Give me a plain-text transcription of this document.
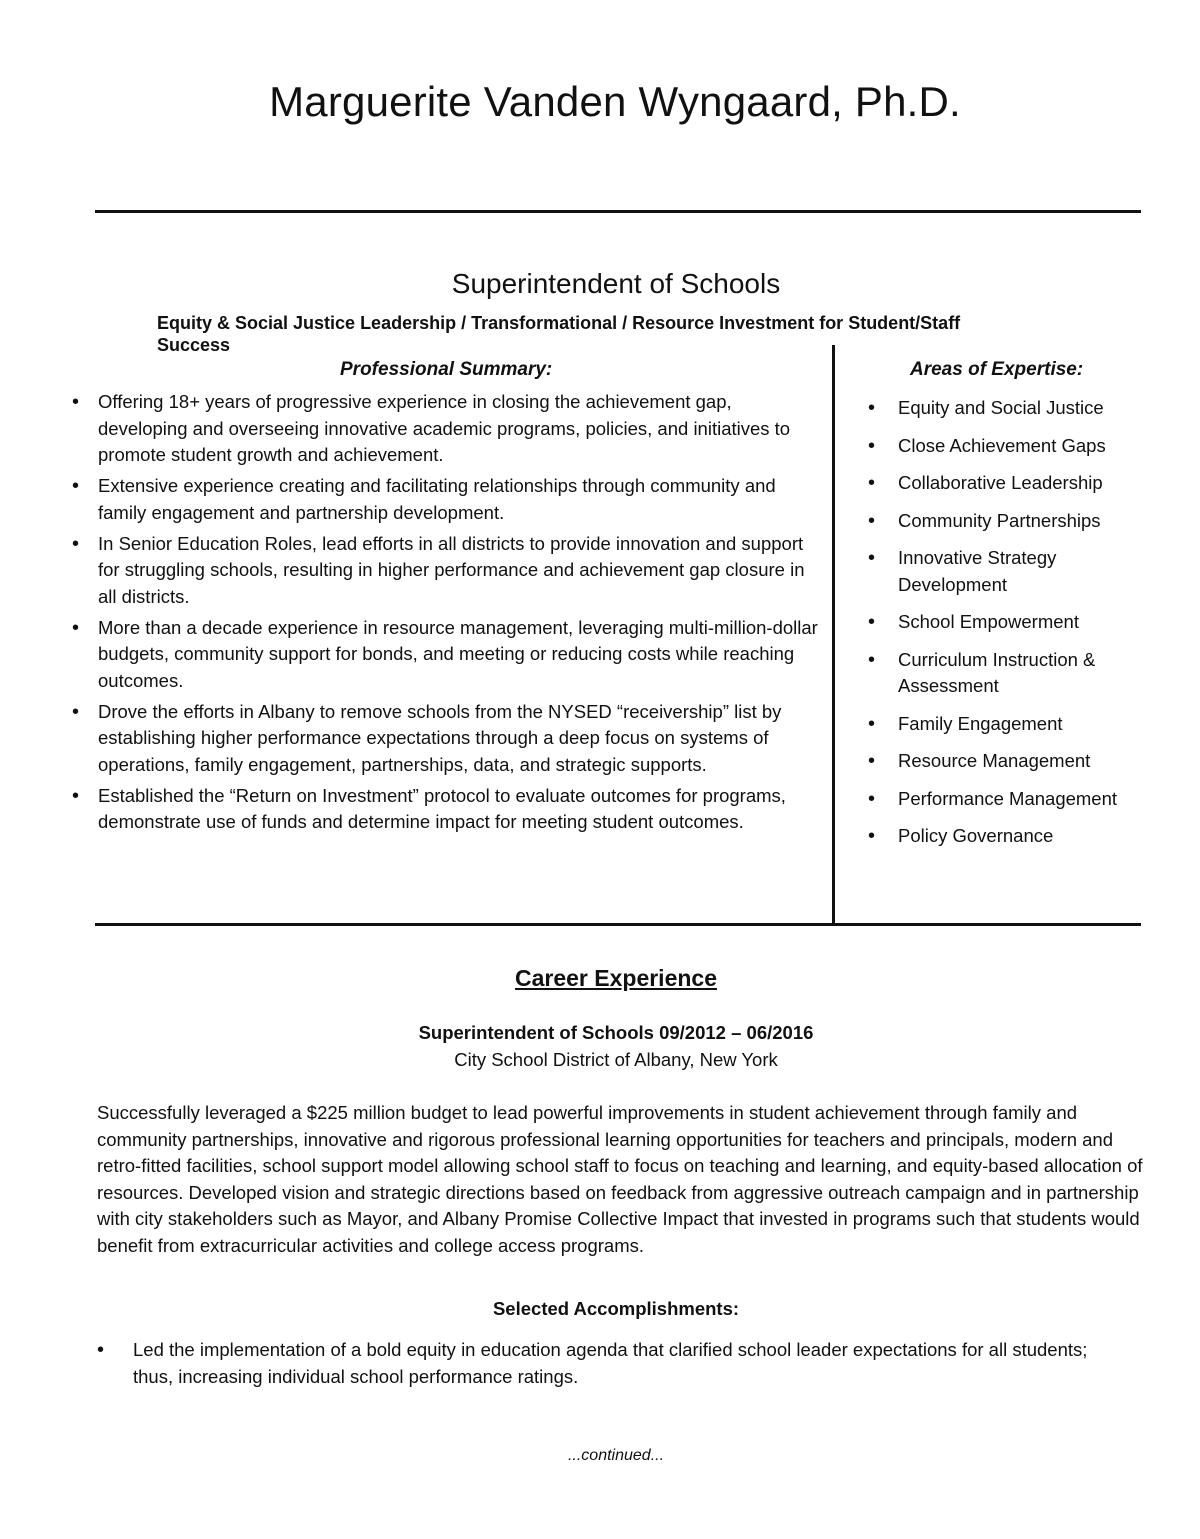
Marguerite Vanden Wyngaard, Ph.D.
Superintendent of Schools
Equity & Social Justice Leadership / Transformational / Resource Investment for Student/Staff Success
Professional Summary:
• Offering 18+ years of progressive experience in closing the achievement gap, developing and overseeing innovative academic programs, policies, and initiatives to promote student growth and achievement.
• Extensive experience creating and facilitating relationships through community and family engagement and partnership development.
• In Senior Education Roles, lead efforts in all districts to provide innovation and support for struggling schools, resulting in higher performance and achievement gap closure in all districts.
• More than a decade experience in resource management, leveraging multi-million-dollar budgets, community support for bonds, and meeting or reducing costs while reaching outcomes.
• Drove the efforts in Albany to remove schools from the NYSED “receivership” list by establishing higher performance expectations through a deep focus on systems of operations, family engagement, partnerships, data, and strategic supports.
• Established the “Return on Investment” protocol to evaluate outcomes for programs, demonstrate use of funds and determine impact for meeting student outcomes.
Areas of Expertise:
• Equity and Social Justice
• Close Achievement Gaps
• Collaborative Leadership
• Community Partnerships
• Innovative Strategy Development
• School Empowerment
• Curriculum Instruction & Assessment
• Family Engagement
• Resource Management
• Performance Management
• Policy Governance
Career Experience
Superintendent of Schools 09/2012 – 06/2016
City School District of Albany, New York

Successfully leveraged a $225 million budget to lead powerful improvements in student achievement through family and community partnerships, innovative and rigorous professional learning opportunities for teachers and principals, modern and retro-fitted facilities, school support model allowing school staff to focus on teaching and learning, and equity-based allocation of resources. Developed vision and strategic directions based on feedback from aggressive outreach campaign and in partnership with city stakeholders such as Mayor, and Albany Promise Collective Impact that invested in programs such that students would benefit from extracurricular activities and college access programs.

Selected Accomplishments:
• Led the implementation of a bold equity in education agenda that clarified school leader expectations for all students; thus, increasing individual school performance ratings.
...continued...
